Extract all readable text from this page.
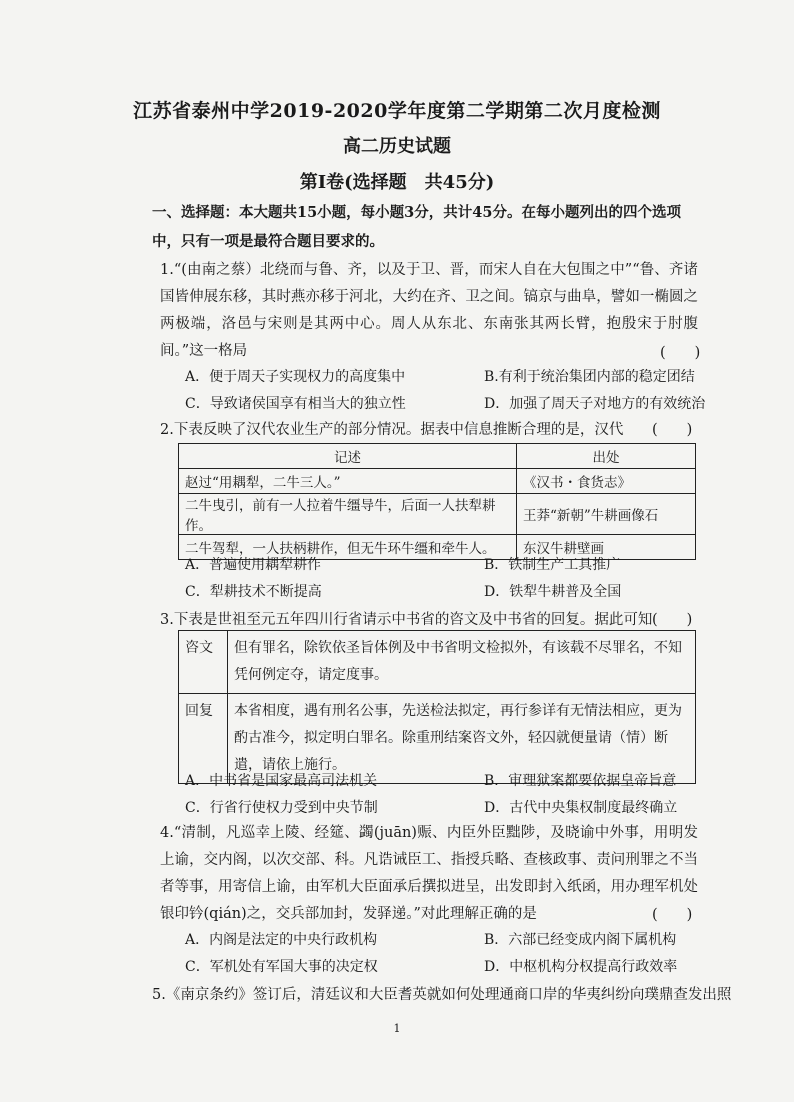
江苏省泰州中学2019-2020学年度第二学期第二次月度检测
高二历史试题
第Ⅰ卷(选择题　共45分)
一、选择题：本大题共15小题，每小题3分，共计45分。在每小题列出的四个选项中，只有一项是最符合题目要求的。
1.“(由南之蔡）北绕而与鲁、齐，以及于卫、晋，而宋人自在大包围之中”“鲁、齐诸国皆伸展东移，其时燕亦移于河北，大约在齐、卫之间。镐京与曲阜，譬如一椭圆之两极端，洛邑与宋则是其两中心。周人从东北、东南张其两长臂，抱殷宋于肘腹间。”这一格局	(　　)
A．便于周天子实现权力的高度集中	B.有利于统治集团内部的稳定团结
C．导致诸侯国享有相当大的独立性	D．加强了周天子对地方的有效统治
2.下表反映了汉代农业生产的部分情况。据表中信息推断合理的是，汉代 (　　)
记述	出处
赵过“用耦犁，二牛三人。”	《汉书・食货志》
二牛曳引，前有一人拉着牛缰导牛，后面一人扶犁耕作。	王莽“新朝”牛耕画像石
二牛驾犁，一人扶柄耕作，但无牛环牛缰和牵牛人。	东汉牛耕壁画
A．普遍使用耦犁耕作	B．铁制生产工具推广
C．犁耕技术不断提高	D．铁犁牛耕普及全国
3.下表是世祖至元五年四川行省请示中书省的咨文及中书省的回复。据此可知 (　　)
咨文	但有罪名，除钦依圣旨体例及中书省明文检拟外，有该载不尽罪名，不知凭何例定夺，请定度事。
回复	本省相度，遇有刑名公事，先送检法拟定，再行参详有无情法相应，更为酌古准今，拟定明白罪名。除重刑结案咨文外，轻囚就便量请（情）断遣，请依上施行。
A．中书省是国家最高司法机关	B．审理狱案都要依据皇帝旨意
C．行省行使权力受到中央节制	D．古代中央集权制度最终确立
4.“清制，凡巡幸上陵、经筵、蠲(juān)赈、内臣外臣黜陟，及晓谕中外事，用明发上谕，交内阁，以次交部、科。凡诰诫臣工、指授兵略、查核政事、责问刑罪之不当者等事，用寄信上谕，由军机大臣面承后撰拟进呈，出发即封入纸函，用办理军机处银印钤(qián)之，交兵部加封，发驿递。”对此理解正确的是	(　　)
A．内阁是法定的中央行政机构	B．六部已经变成内阁下属机构
C．军机处有军国大事的决定权	D．中枢机构分权提高行政效率
5.《南京条约》签订后，清廷议和大臣耆英就如何处理通商口岸的华夷纠纷向璞鼎查发出照
1
